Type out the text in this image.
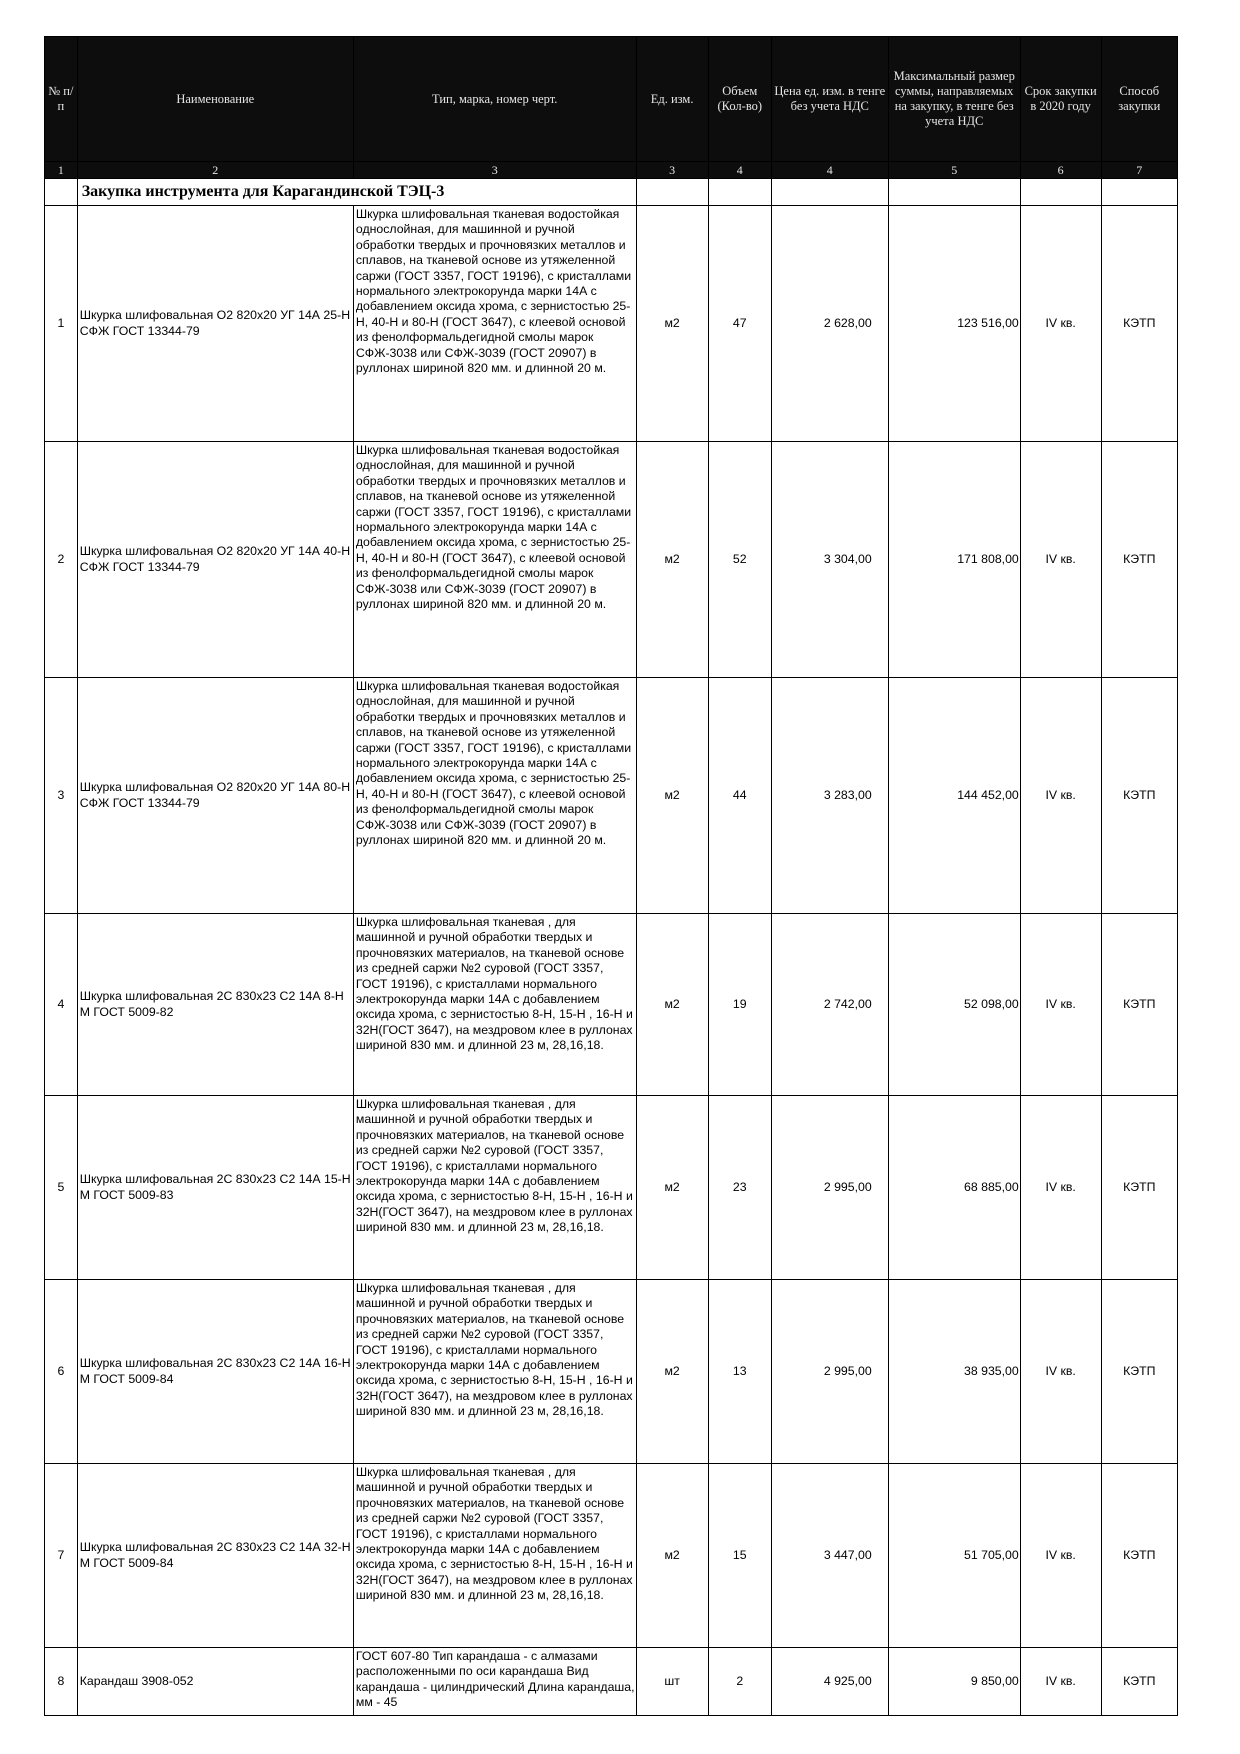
№ п/п	Наименование	Тип, марка, номер черт.	Ед. изм.	Объем (Кол-во)	Цена ед. изм. в тенге без учета НДС	Максимальный размер суммы, направляемых на закупку, в тенге без учета НДС	Срок закупки в 2020 году	Способ закупки
1	2	3	3	4	4	5	6	7
	Закупка инструмента для Карагандинской ТЭЦ-3							
1	Шкурка шлифовальная О2 820х20 УГ 14А 25-Н СФЖ ГОСТ 13344-79	Шкурка шлифовальная тканевая водостойкая однослойная, для машинной и ручной обработки твердых и прочновязких металлов и сплавов, на тканевой основе из утяжеленной саржи (ГОСТ 3357, ГОСТ 19196), с кристаллами нормального электрокорунда марки 14А с добавлением оксида хрома, с зернистостью 25-Н, 40-Н и 80-Н (ГОСТ 3647), с клеевой основой из фенолформальдегидной смолы марок СФЖ-3038 или СФЖ-3039 (ГОСТ 20907) в руллонах шириной 820 мм. и длинной 20 м.	м2	47	2 628,00	123 516,00	IV кв.	КЭТП
2	Шкурка шлифовальная О2 820х20 УГ 14А 40-Н СФЖ ГОСТ 13344-79	Шкурка шлифовальная тканевая водостойкая однослойная, для машинной и ручной обработки твердых и прочновязких металлов и сплавов, на тканевой основе из утяжеленной саржи (ГОСТ 3357, ГОСТ 19196), с кристаллами нормального электрокорунда марки 14А с добавлением оксида хрома, с зернистостью 25-Н, 40-Н и 80-Н (ГОСТ 3647), с клеевой основой из фенолформальдегидной смолы марок СФЖ-3038 или СФЖ-3039 (ГОСТ 20907) в руллонах шириной 820 мм. и длинной 20 м.	м2	52	3 304,00	171 808,00	IV кв.	КЭТП
3	Шкурка шлифовальная О2 820х20 УГ 14А 80-Н СФЖ ГОСТ 13344-79	Шкурка шлифовальная тканевая водостойкая однослойная, для машинной и ручной обработки твердых и прочновязких металлов и сплавов, на тканевой основе из утяжеленной саржи (ГОСТ 3357, ГОСТ 19196), с кристаллами нормального электрокорунда марки 14А с добавлением оксида хрома, с зернистостью 25-Н, 40-Н и 80-Н (ГОСТ 3647), с клеевой основой из фенолформальдегидной смолы марок СФЖ-3038 или СФЖ-3039 (ГОСТ 20907) в руллонах шириной 820 мм. и длинной 20 м.	м2	44	3 283,00	144 452,00	IV кв.	КЭТП
4	Шкурка шлифовальная 2С 830х23 С2 14А 8-Н М ГОСТ 5009-82	Шкурка шлифовальная тканевая , для машинной и ручной обработки твердых и прочновязких материалов, на тканевой основе из средней саржи №2 суровой (ГОСТ 3357, ГОСТ 19196), с кристаллами нормального электрокорунда марки 14А с добавлением оксида хрома, с зернистостью 8-Н, 15-Н , 16-Н и 32Н(ГОСТ 3647), на мездровом клее в руллонах шириной 830 мм. и длинной 23 м, 28,16,18.	м2	19	2 742,00	52 098,00	IV кв.	КЭТП
5	Шкурка шлифовальная 2С 830х23 С2 14А 15-Н М ГОСТ 5009-83	Шкурка шлифовальная тканевая , для машинной и ручной обработки твердых и прочновязких материалов, на тканевой основе из средней саржи №2 суровой (ГОСТ 3357, ГОСТ 19196), с кристаллами нормального электрокорунда марки 14А с добавлением оксида хрома, с зернистостью 8-Н, 15-Н , 16-Н и 32Н(ГОСТ 3647), на мездровом клее в руллонах шириной 830 мм. и длинной 23 м, 28,16,18.	м2	23	2 995,00	68 885,00	IV кв.	КЭТП
6	Шкурка шлифовальная 2С 830х23 С2 14А 16-Н М ГОСТ 5009-84	Шкурка шлифовальная тканевая , для машинной и ручной обработки твердых и прочновязких материалов, на тканевой основе из средней саржи №2 суровой (ГОСТ 3357, ГОСТ 19196), с кристаллами нормального электрокорунда марки 14А с добавлением оксида хрома, с зернистостью 8-Н, 15-Н , 16-Н и 32Н(ГОСТ 3647), на мездровом клее в руллонах шириной 830 мм. и длинной 23 м, 28,16,18.	м2	13	2 995,00	38 935,00	IV кв.	КЭТП
7	Шкурка шлифовальная 2С 830х23 С2 14А 32-Н М ГОСТ 5009-84	Шкурка шлифовальная тканевая , для машинной и ручной обработки твердых и прочновязких материалов, на тканевой основе из средней саржи №2 суровой (ГОСТ 3357, ГОСТ 19196), с кристаллами нормального электрокорунда марки 14А с добавлением оксида хрома, с зернистостью 8-Н, 15-Н , 16-Н и 32Н(ГОСТ 3647), на мездровом клее в руллонах шириной 830 мм. и длинной 23 м, 28,16,18.	м2	15	3 447,00	51 705,00	IV кв.	КЭТП
8	Карандаш 3908-052	ГОСТ 607-80 Тип карандаша - с алмазами расположенными по оси карандаша Вид карандаша - цилиндрический Длина карандаша, мм - 45	шт	2	4 925,00	9 850,00	IV кв.	КЭТП
